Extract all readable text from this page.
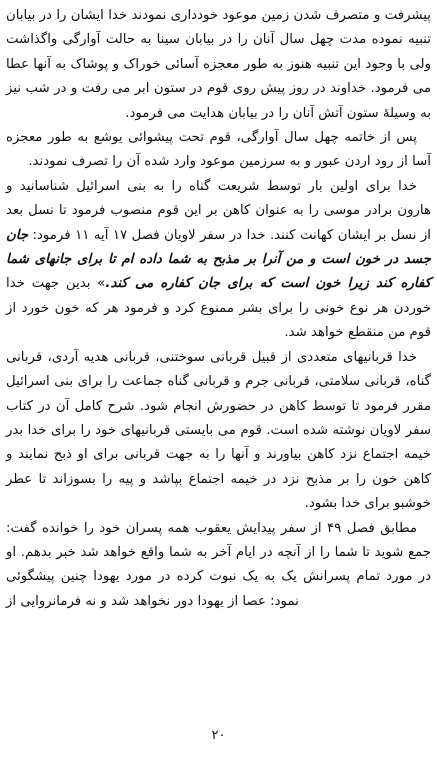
پیشرفت و متصرف شدن زمین موعود خودداری نمودند خدا ایشان را در بیابان تنبیه نموده مدت چهل سال آنان را در بیابان سینا به حالت آوارگی واگذاشت ولی با وجود این تنبیه هنوز به طور معجزه آسائی خوراک و پوشاک به آنها عطا می فرمود. خداوند در روز پیش روی قوم در ستون ابر می رفت و در شب نیز به وسیلۀ ستون آتش آنان را در بیابان هدایت می فرمود.

پس از خاتمه چهل سال آوارگی، قوم تحت پیشوائی یوشع به طور معجزه آسا از رود اردن عبور و به سرزمین موعود وارد شده آن را تصرف نمودند.

خدا برای اولین بار توسط شریعت گناه را به بنی اسرائیل شناسانید و هارون برادر موسی را به عنوان کاهن بر این قوم منصوب فرمود تا نسل بعد از نسل بر ایشان کهانت کنند. خدا در سفر لاویان فصل ۱۷ آیه ۱۱ فرمود: جان جسد در خون است و من آنرا بر مذبح به شما داده ام تا برای جانهای شما کفاره کند زیرا خون است که برای جان کفاره می کند.» بدین جهت خدا خوردن هر نوع خونی را برای بشر ممنوع کرد و فرمود هر که خون خورد از قوم من منقطع خواهد شد.

خدا قربانیهای متعددی از قبیل قربانی سوختنی، قربانی هدیه آردی، قربانی گناه، قربانی سلامتی، قربانی جرم و قربانی گناه جماعت را برای بنی اسرائیل مقرر فرمود تا توسط کاهن در حضورش انجام شود. شرح کامل آن در کتاب سفر لاویان نوشته شده است. قوم می بایستی قربانیهای خود را برای خدا بدر خیمه اجتماع نزد کاهن بیاورند و آنها را به جهت قربانی برای او ذبح نمایند و کاهن خون را بر مذبح نزد در خیمه اجتماع بپاشد و پیه را بسوزاند تا عطر خوشبو برای خدا بشود.

مطابق فصل ۴۹ از سفر پیدایش یعقوب همه پسران خود را خوانده گفت: جمع شوید تا شما را از آنچه در ایام آخر به شما واقع خواهد شد خبر بدهم. او در مورد تمام پسرانش یک به یک نبوت کرده در مورد یهودا چنین پیشگوئی نمود: عصا از یهودا دور نخواهد شد و نه فرمانروایی از

۲۰
